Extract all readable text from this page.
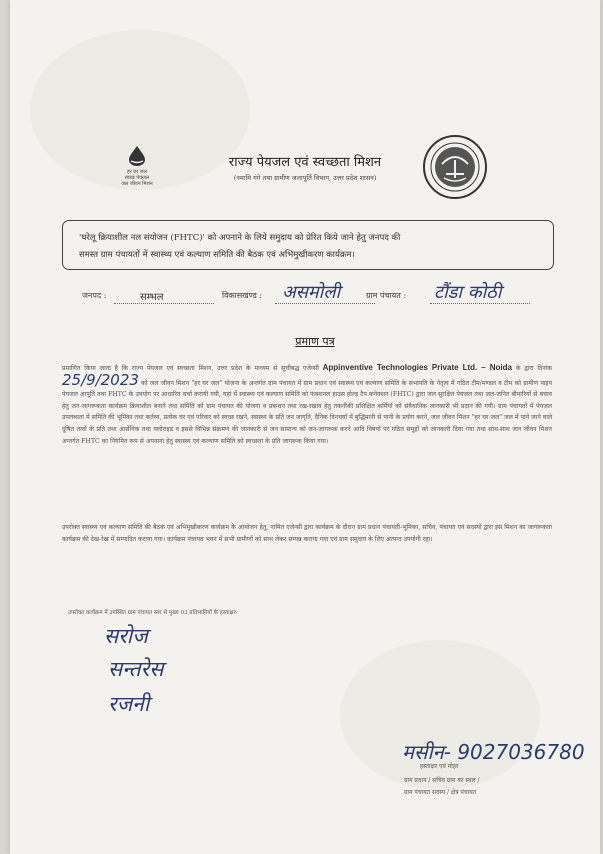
हर घर जल
स्वच्छ पेयजल
जल जीवन मिशन
राज्य पेयजल एवं स्वच्छता मिशन
(नमामि गंगे तथा ग्रामीण जलापूर्ति विभाग, उत्तर प्रदेश शासन)
'घरेलू क्रियाशील नल संयोजन (FHTC)' को अपनाने के लिये समुदाय को प्रेरित किये जाने हेतु जनपद की
समस्त ग्राम पंचायतों में स्वास्थ्य एवं कल्याण समिति की बैठक एवं अभिमुखीकरण कार्यक्रम।
जनपद :	सम्भल	विकासखण्ड : असमोली	ग्राम पंचायत : टौंडा कोठी
प्रमाण पत्र
प्रमाणित किया जाता है कि राज्य पेयजल एवं स्वच्छता मिशन, उत्तर प्रदेश के माध्यम से सूचीबद्ध एजेन्सी Appinventive Technologies Private Ltd. – Noida के द्वारा दिनांक 25/9/2023 को जल जीवन मिशन "हर घर जल" योजना के अन्तर्गत ग्राम पंचायत में ग्राम प्रधान एवं स्वास्थ्य एवं कल्याण समिति के सभापति के नेतृत्व में गठित टीम/मण्डल व टीम को ग्रामीण पाइप पेयजल आपूर्ति तथा FHTC के उपयोग पर आधारित चर्चा करायी गयी, यहां में स्वास्थ्य एवं कल्याण समिति को फंक्शनल हाउस होल्ड टैप कनेक्शन (FHTC) द्वारा जल सुरक्षित पेयजल तथा जल-जनित बीमारियों से बचाव हेतु जन-जागरूकता कार्यक्रम क्रियाशील बनाने तथा समिति को ग्राम पंचायत की योजना व प्रबन्धन तथा रख-रखाव हेतु तकनीकी प्रशिक्षित कर्मियों को संवैधानिक जानकारी भी प्रदान की गयी। ग्राम पंचायतों में पेयजल उपलब्धता में समिति की भूमिका तथा कर्तव्य, प्रत्येक घर एवं परिवार को स्वच्छ रखने, स्वास्थ्य के प्रति जन जागृति, दैनिक दिनचर्या में बुद्धिमानी से पानी के प्रयोग करने, जल जीवन मिशन "हर घर जल" जल में पाये जाने वाले दूषित तत्वों के प्रति तथा आर्सेनिक तथा फ्लोराइड व इससे विभिन्न संक्रमण की जानकारी से जन सामान्य को जन-जागरूक करने आदि विषयों पर गठित समूहों को जानकारी दिया गया तथा साथ-साथ जल जीवन मिशन अन्तर्गत FHTC का नियमित रूप से अपनाना हेतु स्वास्थ्य एवं कल्याण समिति को स्वच्छता के प्रति जागरूक किया गया।
उपरोक्त स्वास्थ्य एवं कल्याण समिति की बैठक एवं अभिमुखीकरण कार्यक्रम के आयोजन हेतु, नामित एजेन्सी द्वारा कार्यक्रम के दौरान ग्राम प्रधान पंचायती-भूमिका, सचिव, पंचायत एवं सदस्यों द्वारा इस मिशन का जागरूकता कार्यक्रम की देख-रेख में सम्पादित कराया गया। कार्यक्रम पंचायत भवन में सभी ग्रामीणों को साथ लेकर सम्पन्न कराया गया एवं ग्राम समुदाय के लिए अत्यन्त उपयोगी रहा।
उपरोक्त कार्यक्रम में उपस्थित ग्राम पंचायत स्तर से मुख्य 03 प्रतिभागियों के हस्ताक्षर-
सरोज
सन्तरेस
रजनी
मसीन- 9027036780
हस्ताक्षर एवं मोहर
ग्राम प्रधान / सचिव ग्राम का स्थल /
ग्राम पंचायत सदस्य / क्षेत्र पंचायत
